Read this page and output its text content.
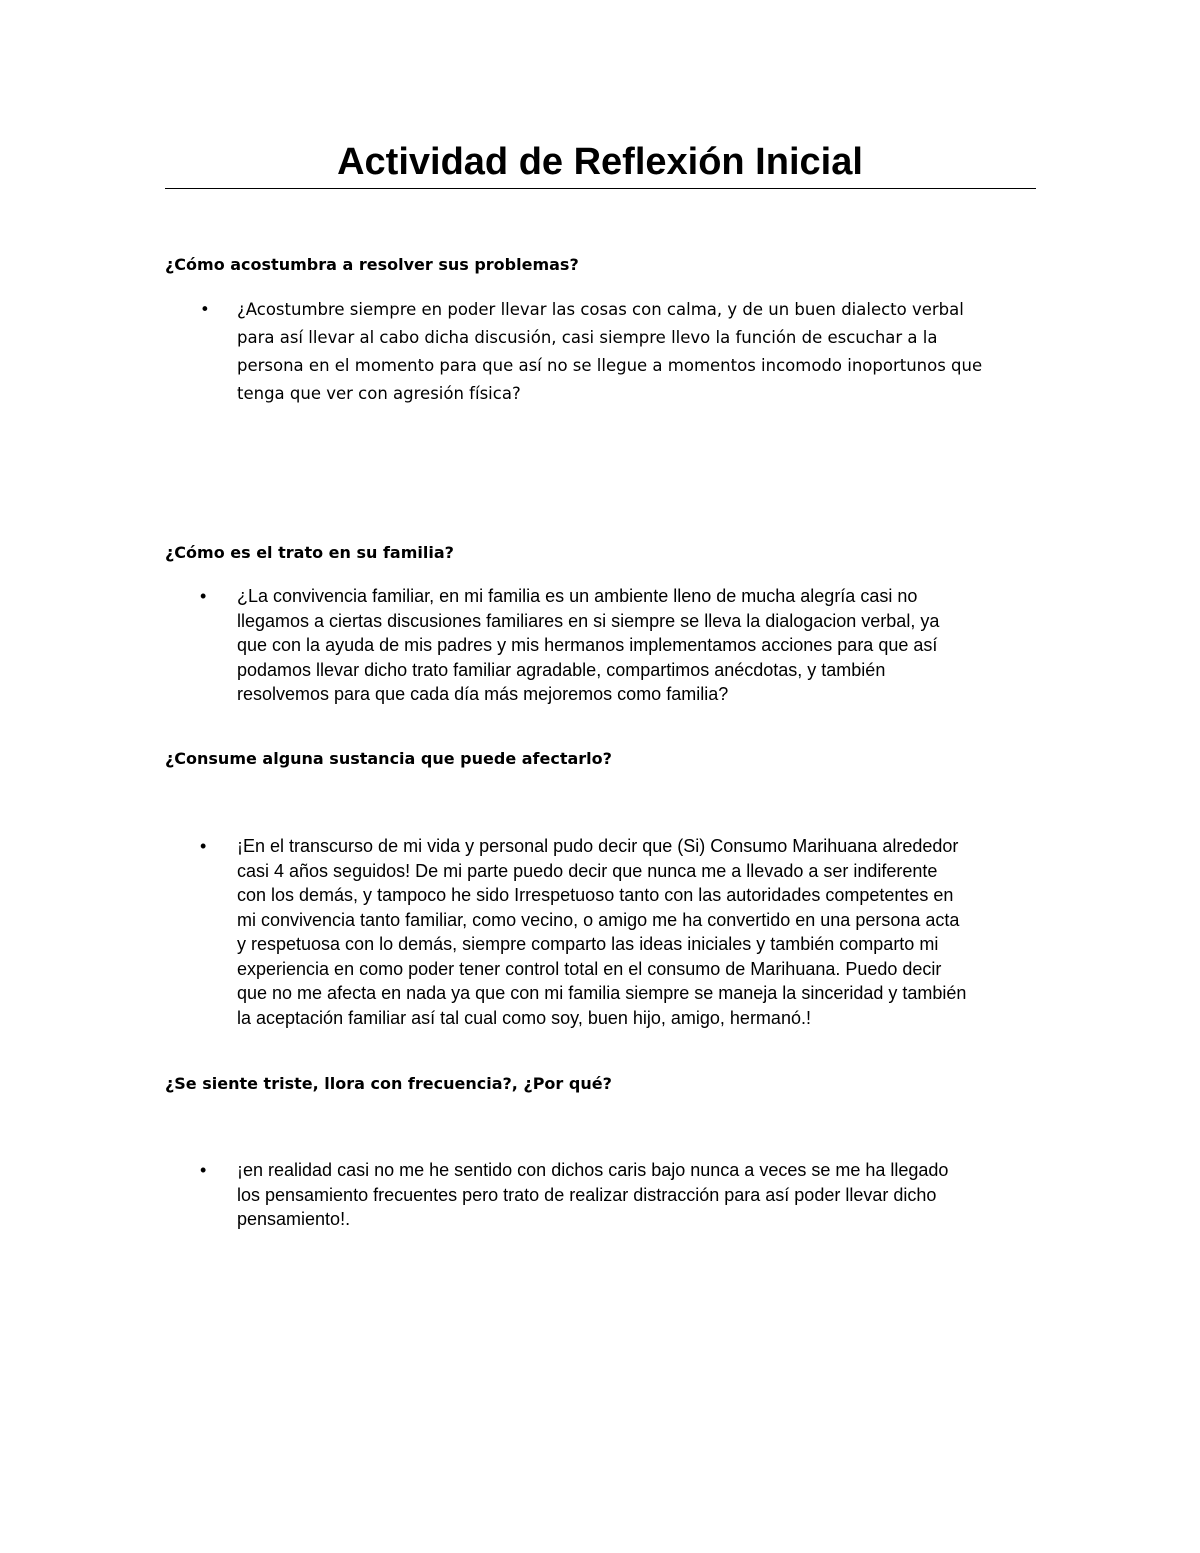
Actividad de Reflexión Inicial

¿Cómo acostumbra a resolver sus problemas?

• ¿Acostumbre siempre en poder llevar las cosas con calma, y de un buen dialecto verbal
para así llevar al cabo dicha discusión, casi siempre llevo la función de escuchar a la
persona en el momento para que así no se llegue a momentos incomodo inoportunos que
tenga que ver con agresión física?

¿Cómo es el trato en su familia?

• ¿La convivencia familiar, en mi familia es un ambiente lleno de mucha alegría casi no
llegamos a ciertas discusiones familiares en si siempre se lleva la dialogacion verbal, ya
que con la ayuda de mis padres y mis hermanos implementamos acciones para que así
podamos llevar dicho trato familiar agradable, compartimos anécdotas, y también
resolvemos para que cada día más mejoremos como familia?

¿Consume alguna sustancia que puede afectarlo?

• ¡En el transcurso de mi vida y personal pudo decir que (Si) Consumo Marihuana alrededor
casi 4 años seguidos! De mi parte puedo decir que nunca me a llevado a ser indiferente
con los demás, y tampoco he sido Irrespetuoso tanto con las autoridades competentes en
mi convivencia tanto familiar, como vecino, o amigo me ha convertido en una persona acta
y respetuosa con lo demás, siempre comparto las ideas iniciales y también comparto mi
experiencia en como poder tener control total en el consumo de Marihuana. Puedo decir
que no me afecta en nada ya que con mi familia siempre se maneja la sinceridad y también
la aceptación familiar así tal cual como soy, buen hijo, amigo, hermanó.!

¿Se siente triste, llora con frecuencia?, ¿Por qué?

• ¡en realidad casi no me he sentido con dichos caris bajo nunca a veces se me ha llegado
los pensamiento frecuentes pero trato de realizar distracción para así poder llevar dicho
pensamiento!.
